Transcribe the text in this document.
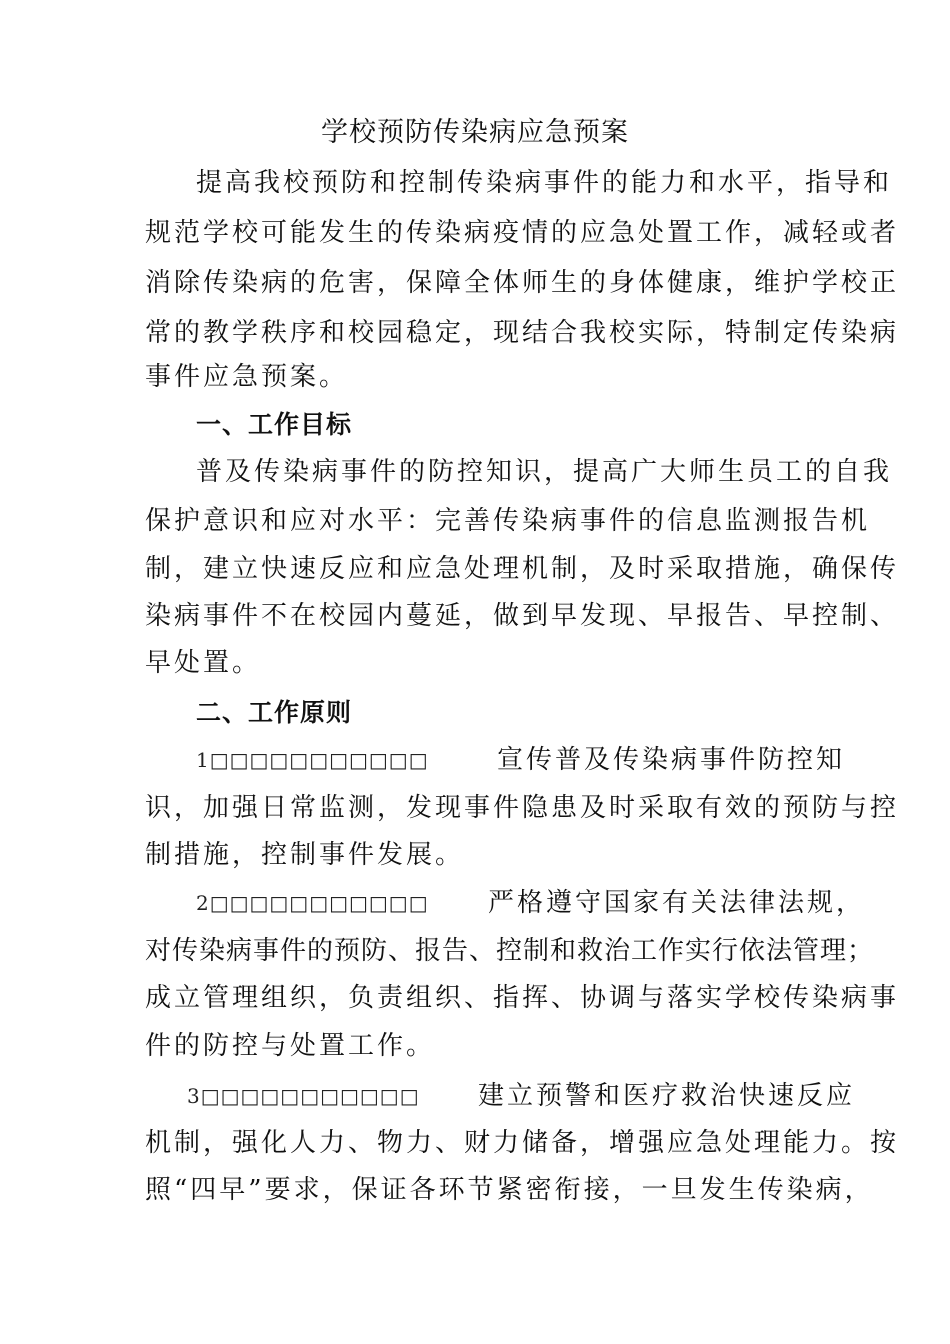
学校预防传染病应急预案
提高我校预防和控制传染病事件的能力和水平，指导和
规范学校可能发生的传染病疫情的应急处置工作，减轻或者
消除传染病的危害，保障全体师生的身体健康，维护学校正
常的教学秩序和校园稳定，现结合我校实际，特制定传染病
事件应急预案。
一、工作目标
普及传染病事件的防控知识，提高广大师生员工的自我
保护意识和应对水平：完善传染病事件的信息监测报告机
制，建立快速反应和应急处理机制，及时采取措施，确保传
染病事件不在校园内蔓延，做到早发现、早报告、早控制、
早处置。
二、工作原则
1□□□□□□□□□□□	宣传普及传染病事件防控知
识，加强日常监测，发现事件隐患及时采取有效的预防与控
制措施，控制事件发展。
2□□□□□□□□□□□ 严格遵守国家有关法律法规，
对传染病事件的预防、报告、控制和救治工作实行依法管理；
成立管理组织，负责组织、指挥、协调与落实学校传染病事
件的防控与处置工作。
3□□□□□□□□□□□ 建立预警和医疗救治快速反应
机制，强化人力、物力、财力储备，增强应急处理能力。按
照“四早”要求，保证各环节紧密衔接，一旦发生传染病，
